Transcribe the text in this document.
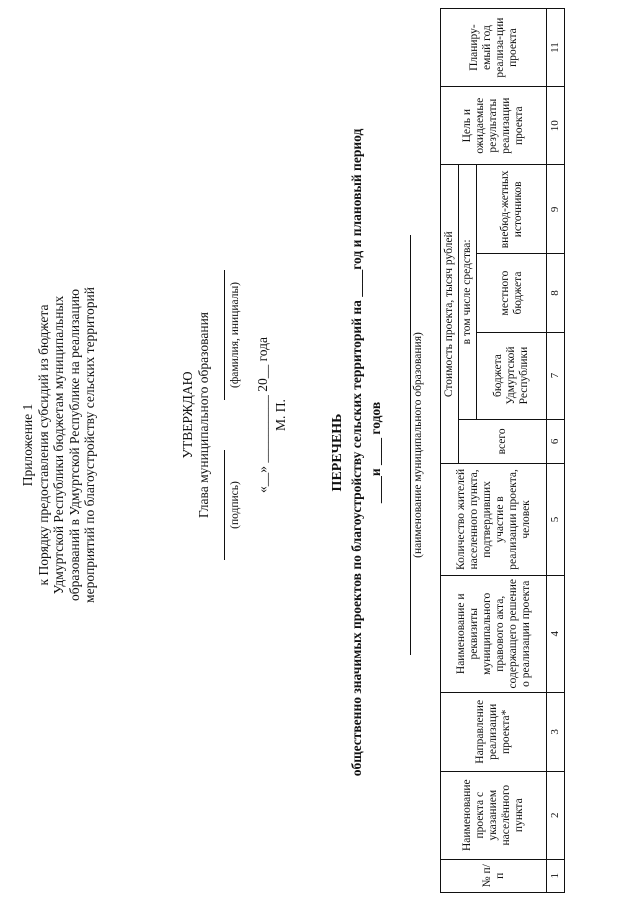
Приложение 1 к Порядку предоставления субсидий из бюджета Удмуртской Республики бюджетам муниципальных образований в Удмуртской Республике на реализацию мероприятий по благоустройству сельских территорий	УТВЕРЖДАЮ Глава муниципального образования	(подпись)
(фамилия, инициалы)
«__» __________ 20__ года М. П.	ПЕРЕЧЕНЬ общественно значимых проектов по благоустройству сельских территорий на ____год и плановый период ____и ____ годов	(наименование муниципального образования)
№ п/п	Наименование проекта с указанием населённого пункта	Направление реализации проекта*	Наименование и реквизиты муниципального правового акта, содержащего решение о реализации проекта	Количество жителей населенного пункта, подтвердивших участие в реализации проекта, человек	Стоимость проекта, тысяч рублей				Цель и ожидаемые результаты реализации проекта	Планиру-емый год реализа-ции проекта
					всего	в том числе средства:				
						бюджета Удмуртской Республики	местного бюджета	внебюд-жетных источников		
1	2	3	4	5	6	7	8	9	10	11
